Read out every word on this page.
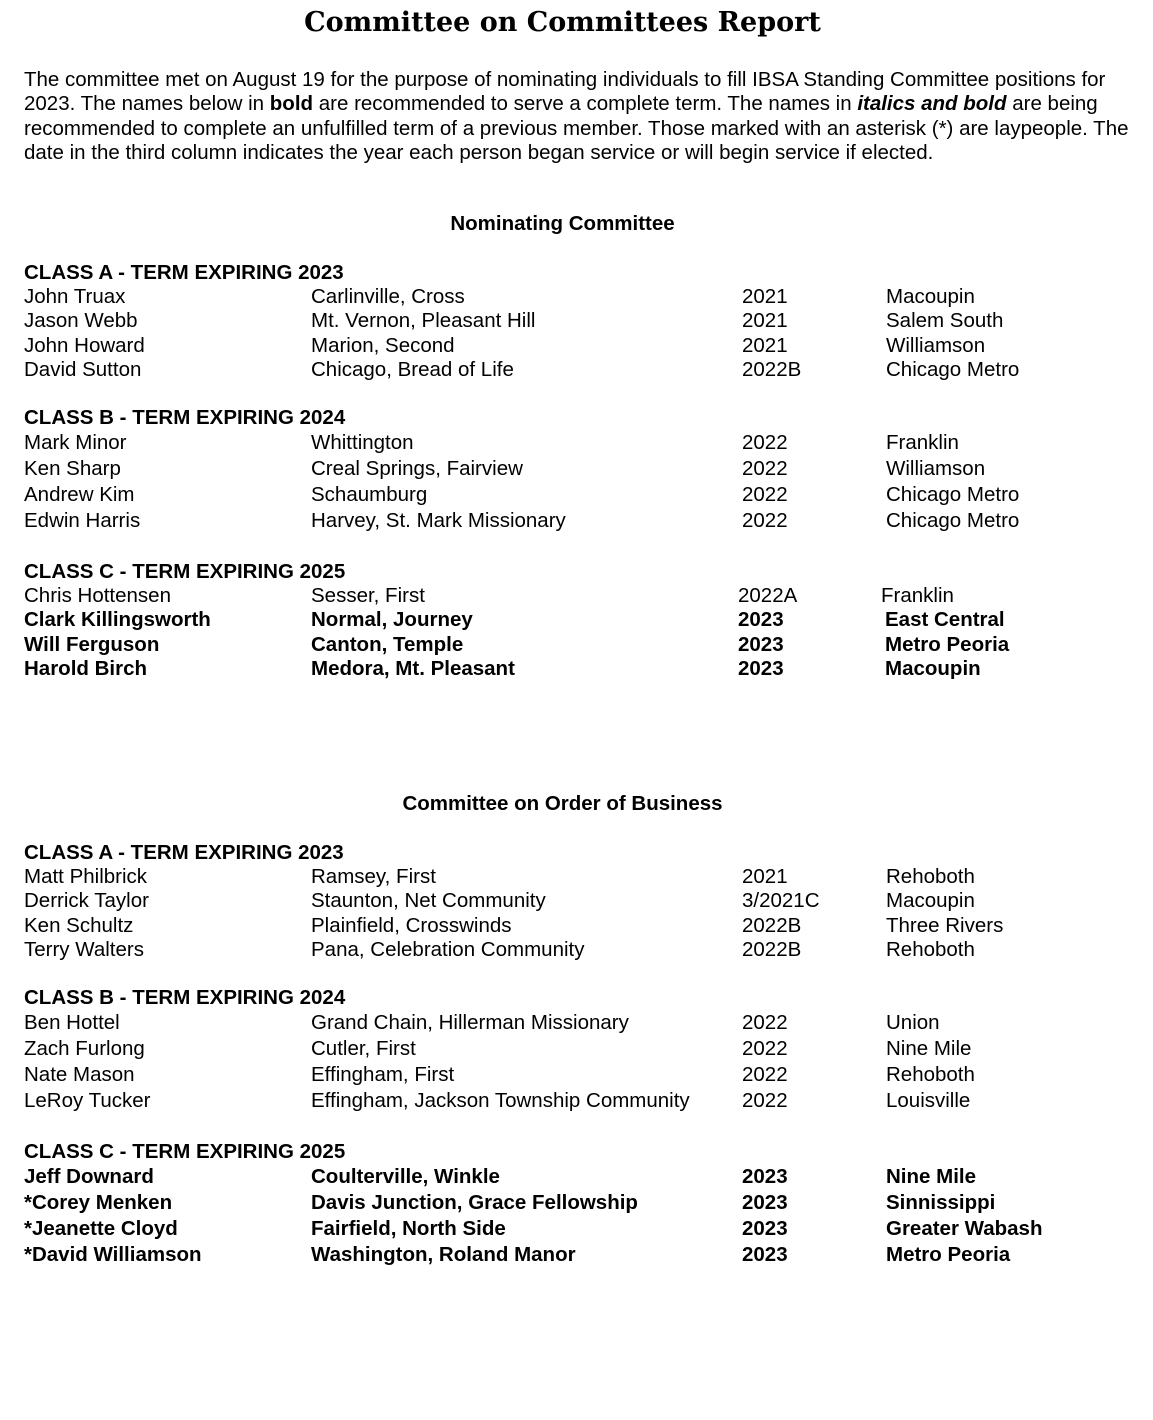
Committee on Committees Report
The committee met on August 19 for the purpose of nominating individuals to fill IBSA Standing Committee positions for 2023. The names below in bold are recommended to serve a complete term. The names in italics and bold are being recommended to complete an unfulfilled term of a previous member. Those marked with an asterisk (*) are laypeople. The date in the third column indicates the year each person began service or will begin service if elected.
Nominating Committee
CLASS A - TERM EXPIRING 2023
John Truax	Carlinville, Cross	2021	Macoupin
Jason Webb	Mt. Vernon, Pleasant Hill	2021	Salem South
John Howard	Marion, Second	2021	Williamson
David Sutton	Chicago, Bread of Life	2022B	Chicago Metro
CLASS B - TERM EXPIRING 2024
Mark Minor	Whittington	2022	Franklin
Ken Sharp	Creal Springs, Fairview	2022	Williamson
Andrew Kim	Schaumburg	2022	Chicago Metro
Edwin Harris	Harvey, St. Mark Missionary	2022	Chicago Metro
CLASS C - TERM EXPIRING 2025
Chris Hottensen	Sesser, First	2022A	Franklin
Clark Killingsworth	Normal, Journey	2023	East Central
Will Ferguson	Canton, Temple	2023	Metro Peoria
Harold Birch	Medora, Mt. Pleasant	2023	Macoupin
Committee on Order of Business
CLASS A - TERM EXPIRING 2023
Matt Philbrick	Ramsey, First	2021	Rehoboth
Derrick Taylor	Staunton, Net Community	3/2021C	Macoupin
Ken Schultz	Plainfield, Crosswinds	2022B	Three Rivers
Terry Walters	Pana, Celebration Community	2022B	Rehoboth
CLASS B - TERM EXPIRING 2024
Ben Hottel	Grand Chain, Hillerman Missionary	2022	Union
Zach Furlong	Cutler, First	2022	Nine Mile
Nate Mason	Effingham, First	2022	Rehoboth
LeRoy Tucker	Effingham, Jackson Township Community	2022	Louisville
CLASS C - TERM EXPIRING 2025
Jeff Downard	Coulterville, Winkle	2023	Nine Mile
*Corey Menken	Davis Junction, Grace Fellowship	2023	Sinnissippi
*Jeanette Cloyd	Fairfield, North Side	2023	Greater Wabash
*David Williamson	Washington, Roland Manor	2023	Metro Peoria
